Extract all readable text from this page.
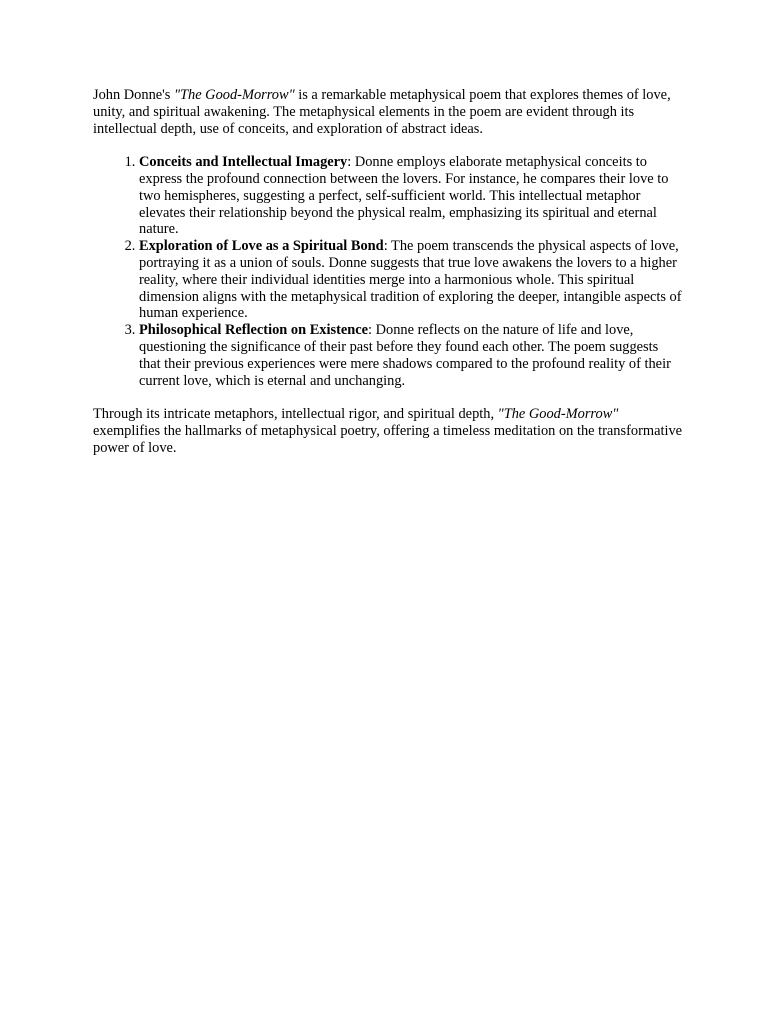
John Donne's "The Good-Morrow" is a remarkable metaphysical poem that explores themes of love, unity, and spiritual awakening. The metaphysical elements in the poem are evident through its intellectual depth, use of conceits, and exploration of abstract ideas.

1. Conceits and Intellectual Imagery: Donne employs elaborate metaphysical conceits to express the profound connection between the lovers. For instance, he compares their love to two hemispheres, suggesting a perfect, self-sufficient world. This intellectual metaphor elevates their relationship beyond the physical realm, emphasizing its spiritual and eternal nature.
2. Exploration of Love as a Spiritual Bond: The poem transcends the physical aspects of love, portraying it as a union of souls. Donne suggests that true love awakens the lovers to a higher reality, where their individual identities merge into a harmonious whole. This spiritual dimension aligns with the metaphysical tradition of exploring the deeper, intangible aspects of human experience.
3. Philosophical Reflection on Existence: Donne reflects on the nature of life and love, questioning the significance of their past before they found each other. The poem suggests that their previous experiences were mere shadows compared to the profound reality of their current love, which is eternal and unchanging.

Through its intricate metaphors, intellectual rigor, and spiritual depth, "The Good-Morrow" exemplifies the hallmarks of metaphysical poetry, offering a timeless meditation on the transformative power of love.
